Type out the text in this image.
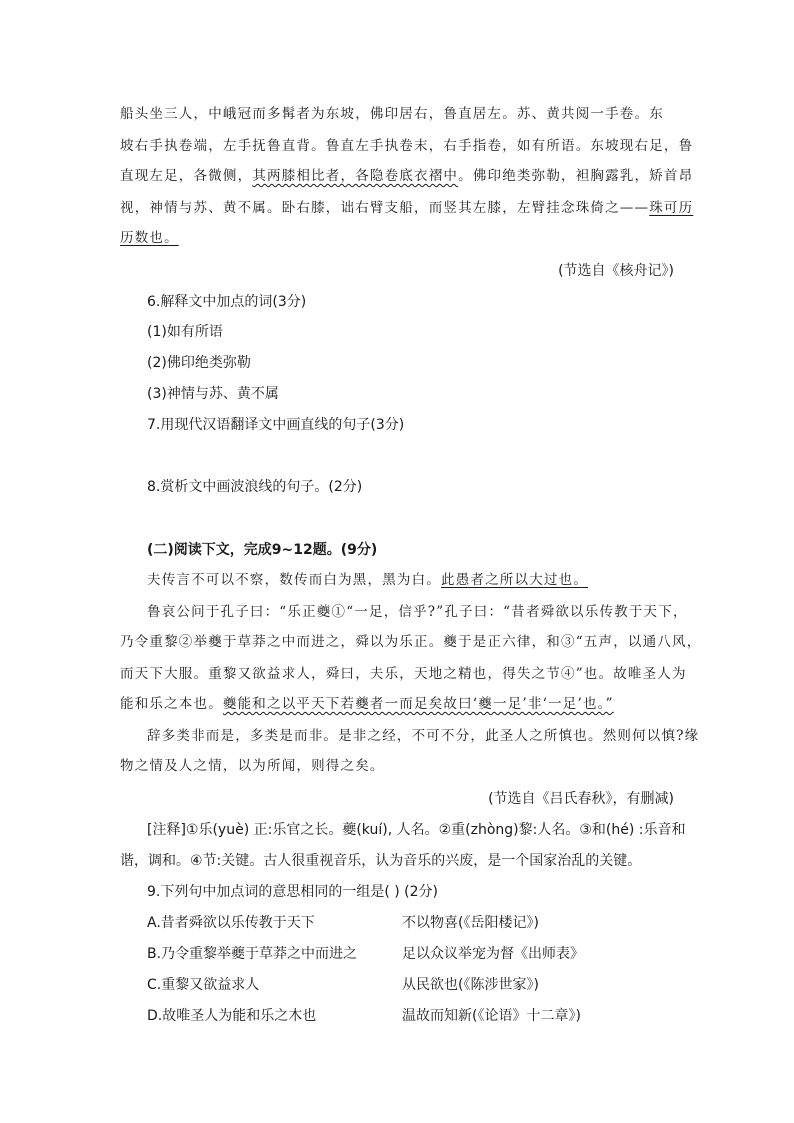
船头坐三人，中峨冠而多髯者为东坡，佛印居右，鲁直居左。苏、黄共阅一手卷。东
坡右手执卷端，左手抚鲁直背。鲁直左手执卷末，右手指卷，如有所语。东坡现右足，鲁
直现左足，各微侧，其两膝相比者，各隐卷底衣褶中。佛印绝类弥勒，袒胸露乳，矫首昂
视，神情与苏、黄不属。卧右膝，诎右臂支船，而竖其左膝，左臂挂念珠倚之——珠可历
历数也。
(节选自《核舟记》)
6.解释文中加点的词(3分)
(1)如有所语
(2)佛印绝类弥勒
(3)神情与苏、黄不属
7.用现代汉语翻译文中画直线的句子(3分)
8.赏析文中画波浪线的句子。(2分)
(二)阅读下文，完成9~12题。(9分)
夫传言不可以不察，数传而白为黑，黑为白。此愚者之所以大过也。
鲁哀公问于孔子曰：“乐正夔①“一足，信乎?”孔子曰：“昔者舜欲以乐传教于天下，
乃令重黎②举夔于草莽之中而进之，舜以为乐正。夔于是正六律，和③“五声，以通八风，
而天下大服。重黎又欲益求人，舜曰，夫乐，天地之精也，得失之节④”也。故唯圣人为
能和乐之本也。夔能和之以平天下若夔者一而足矣故曰‘夔一足’非‘一足’也。”
辞多类非而是，多类是而非。是非之经，不可不分，此圣人之所慎也。然则何以慎?缘
物之情及人之情，以为所闻，则得之矣。
(节选自《吕氏春秋》，有删减)
[注释]①乐(yuè) 正:乐官之长。夔(kuí), 人名。②重(zhòng)黎:人名。③和(hé) :乐音和
谐，调和。④节:关键。古人很重视音乐，认为音乐的兴废，是一个国家治乱的关键。
9.下列句中加点词的意思相同的一组是( ) (2分)
A.昔者舜欲以乐传教于天下	不以物喜(《岳阳楼记》)
B.乃令重黎举夔于草莽之中而进之	足以众议举宠为督《出师表》
C.重黎又欲益求人	从民欲也(《陈涉世家》)
D.故唯圣人为能和乐之木也	温故而知新(《论语》十二章》)
